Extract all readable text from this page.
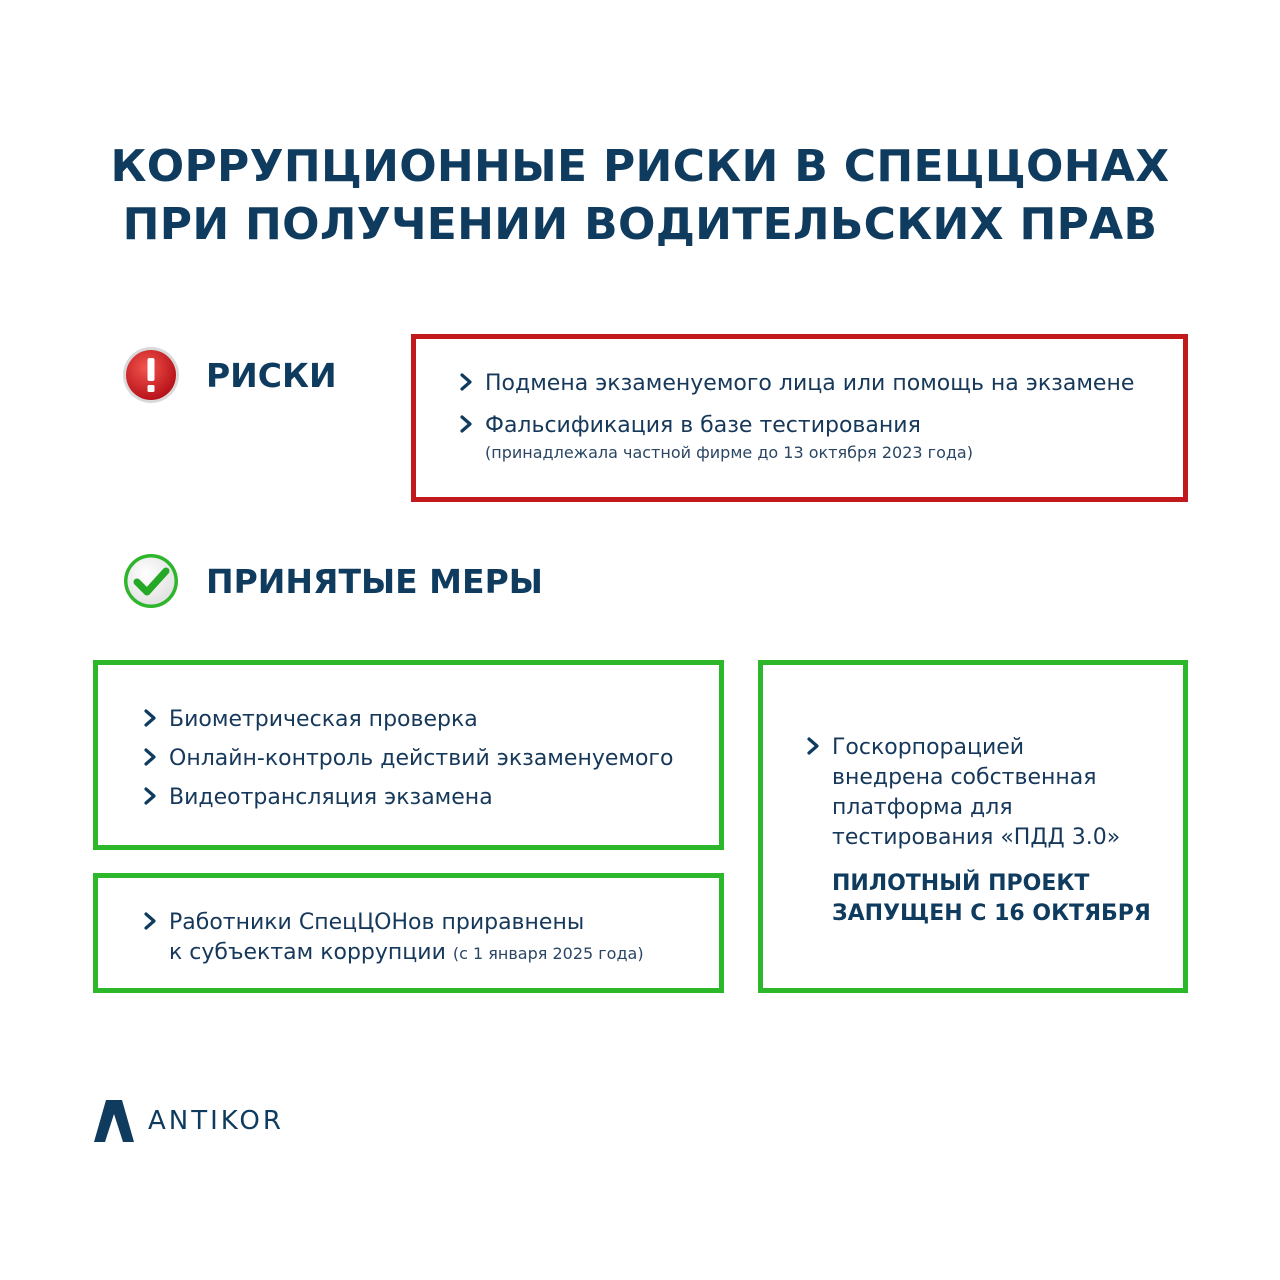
КОРРУПЦИОННЫЕ РИСКИ В СПЕЦЦОНАХ
ПРИ ПОЛУЧЕНИИ ВОДИТЕЛЬСКИХ ПРАВ
РИСКИ	Подмена экзаменуемого лица или помощь на экзамене
Фальсификация в базе тестирования
(принадлежала частной фирме до 13 октября 2023 года)
ПРИНЯТЫЕ МЕРЫ
Биометрическая проверка
Онлайн-контроль действий экзаменуемого
Видеотрансляция экзамена
Работники СпецЦОНов приравнены
к субъектам коррупции (с 1 января 2025 года)
Госкорпорацией
внедрена собственная
платформа для
тестирования «ПДД 3.0»
ПИЛОТНЫЙ ПРОЕКТ
ЗАПУЩЕН С 16 ОКТЯБРЯ
ANTIKOR
